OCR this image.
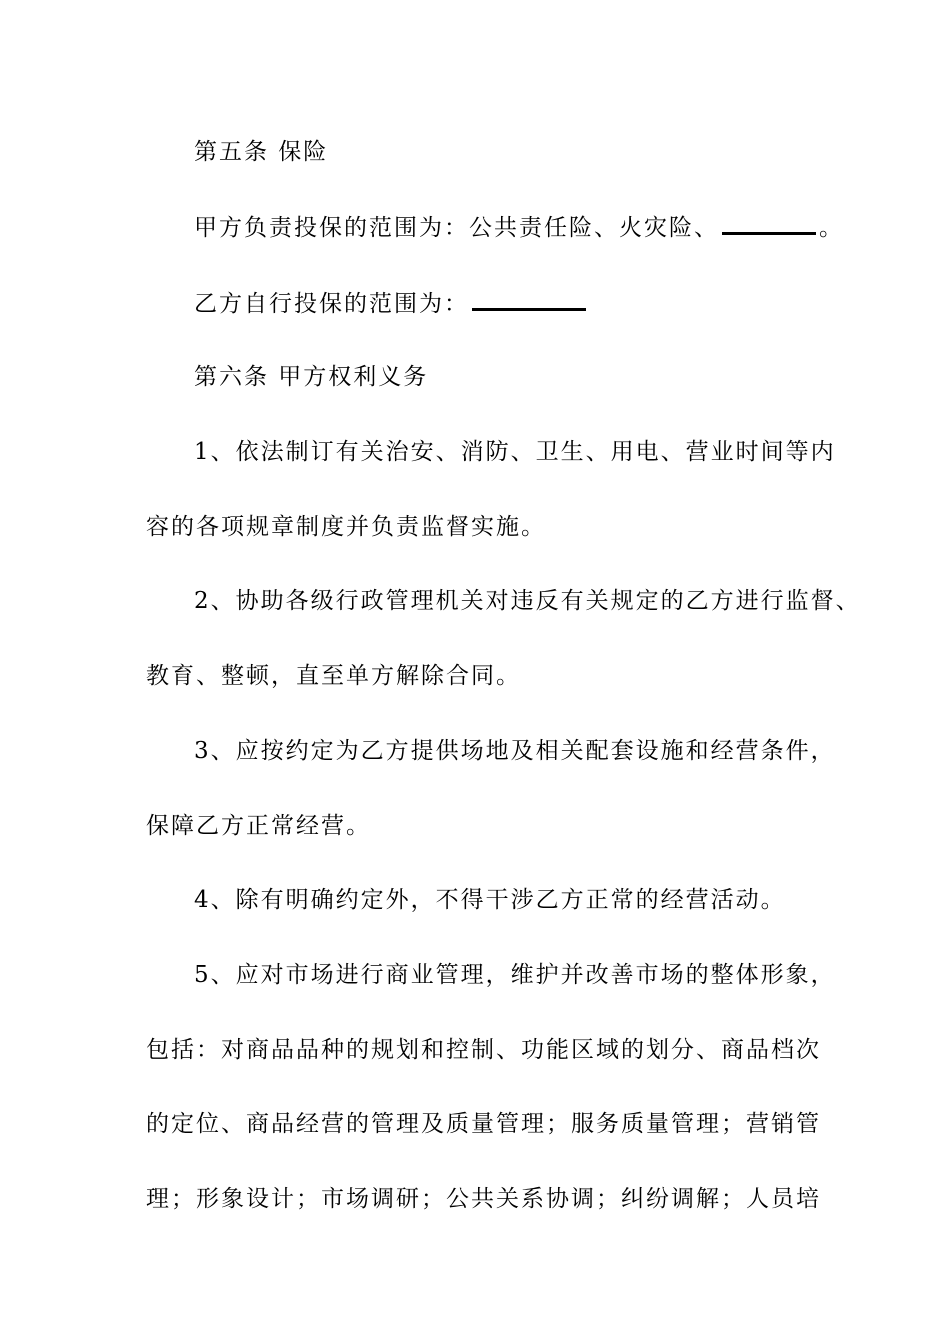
第五条 保险
甲方负责投保的范围为：公共责任险、火灾险、	。
乙方自行投保的范围为：
第六条 甲方权利义务
1、依法制订有关治安、消防、卫生、用电、营业时间等内
容的各项规章制度并负责监督实施。
2、协助各级行政管理机关对违反有关规定的乙方进行监督、
教育、整顿，直至单方解除合同。
3、应按约定为乙方提供场地及相关配套设施和经营条件，
保障乙方正常经营。
4、除有明确约定外，不得干涉乙方正常的经营活动。
5、应对市场进行商业管理，维护并改善市场的整体形象，
包括：对商品品种的规划和控制、功能区域的划分、商品档次
的定位、商品经营的管理及质量管理；服务质量管理；营销管
理；形象设计；市场调研；公共关系协调；纠纷调解；人员培
